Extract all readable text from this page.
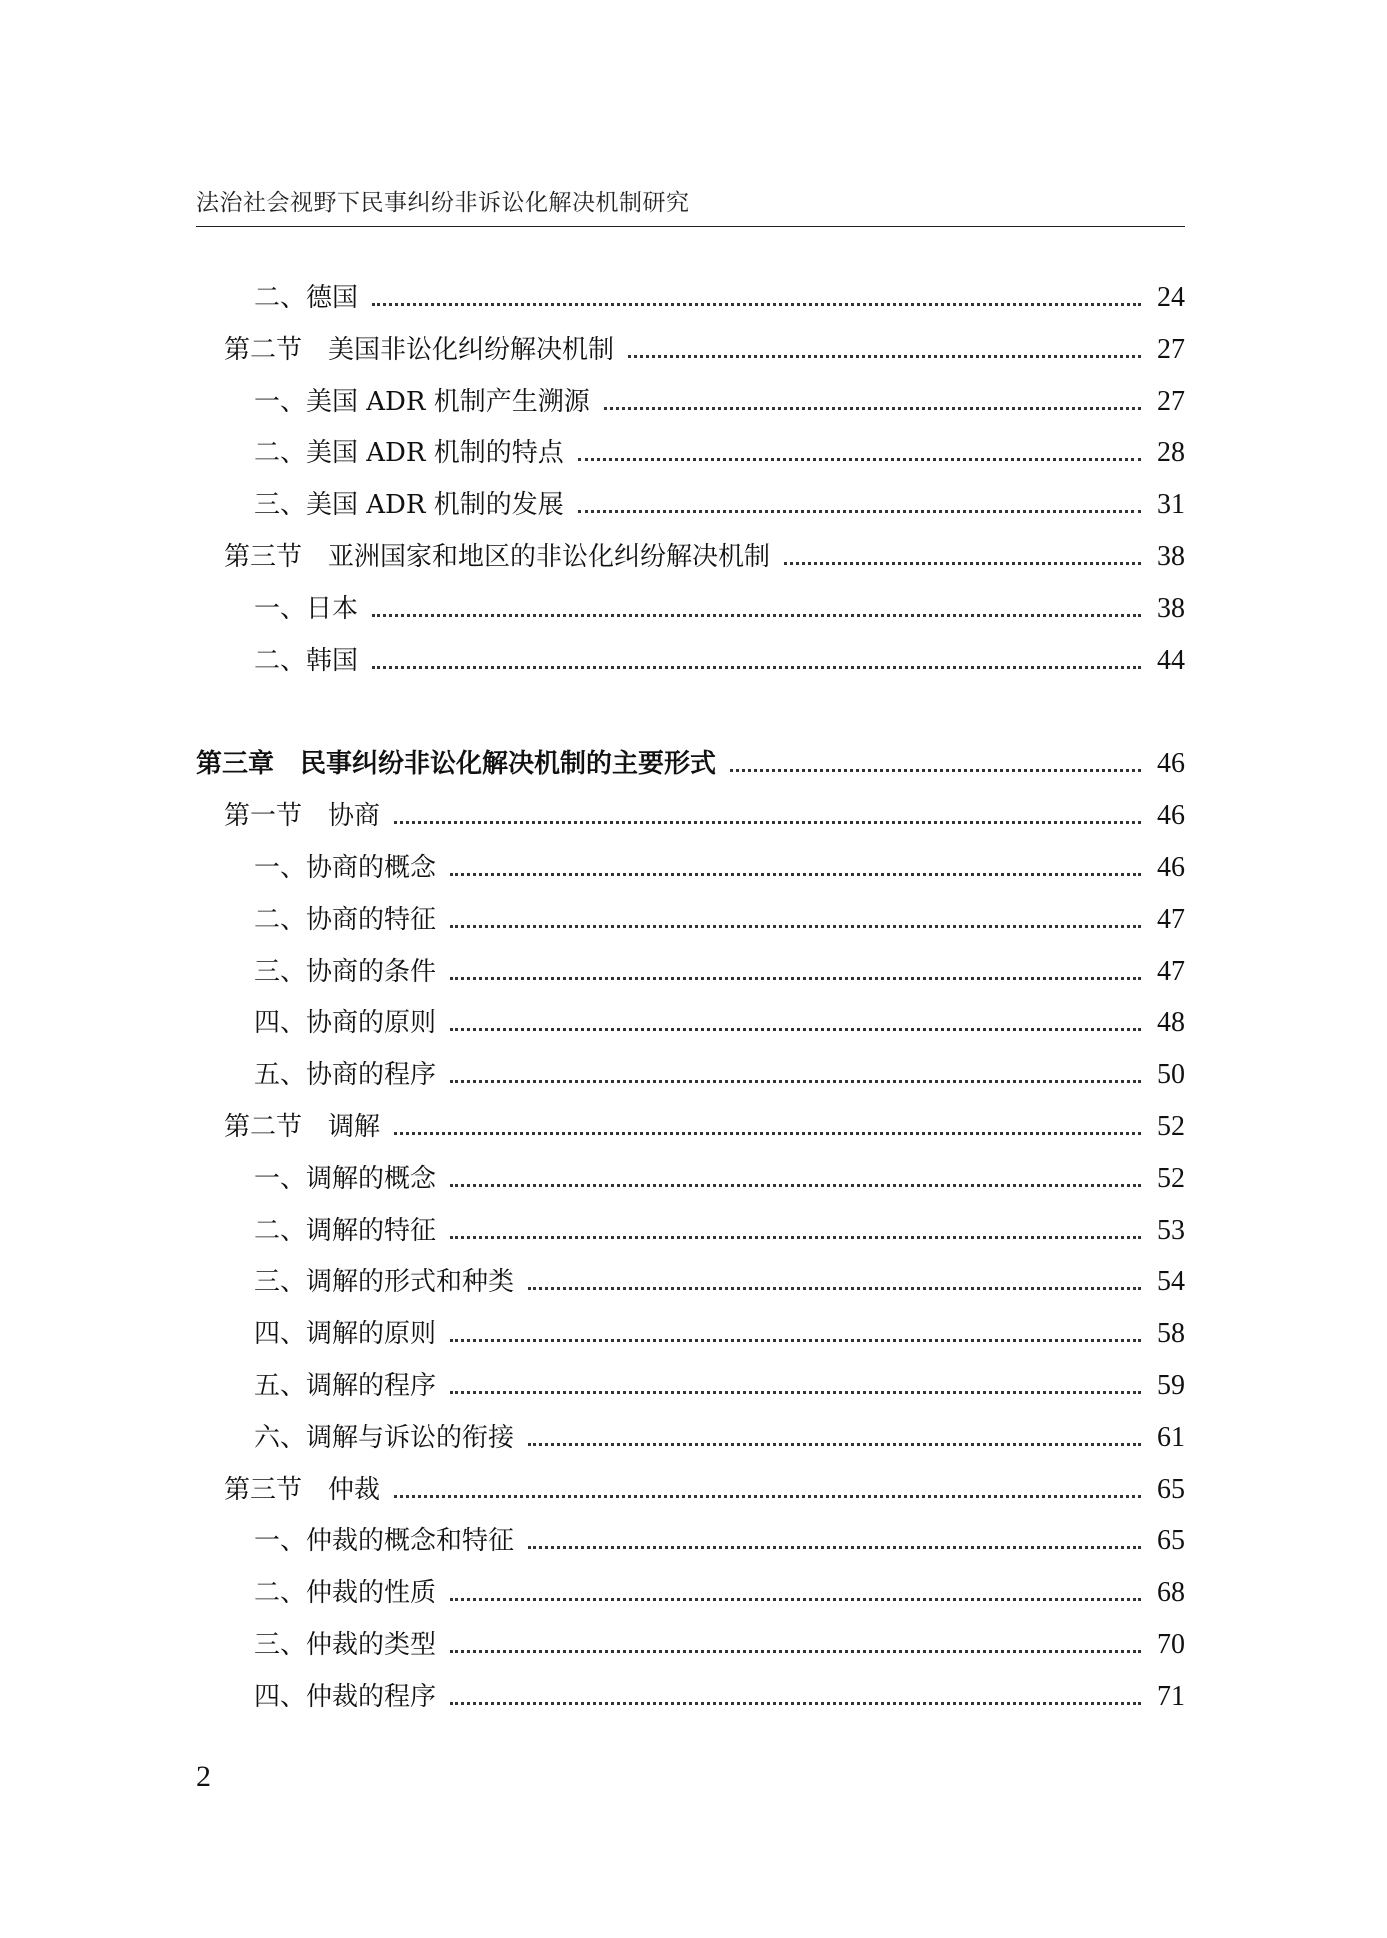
法治社会视野下民事纠纷非诉讼化解决机制研究
二、德国	24
第二节　美国非讼化纠纷解决机制	27
一、美国 ADR 机制产生溯源	27
二、美国 ADR 机制的特点	28
三、美国 ADR 机制的发展	31
第三节　亚洲国家和地区的非讼化纠纷解决机制	38
一、日本	38
二、韩国	44
第三章　民事纠纷非讼化解决机制的主要形式	46
第一节　协商	46
一、协商的概念	46
二、协商的特征	47
三、协商的条件	47
四、协商的原则	48
五、协商的程序	50
第二节　调解	52
一、调解的概念	52
二、调解的特征	53
三、调解的形式和种类	54
四、调解的原则	58
五、调解的程序	59
六、调解与诉讼的衔接	61
第三节　仲裁	65
一、仲裁的概念和特征	65
二、仲裁的性质	68
三、仲裁的类型	70
四、仲裁的程序	71
2
